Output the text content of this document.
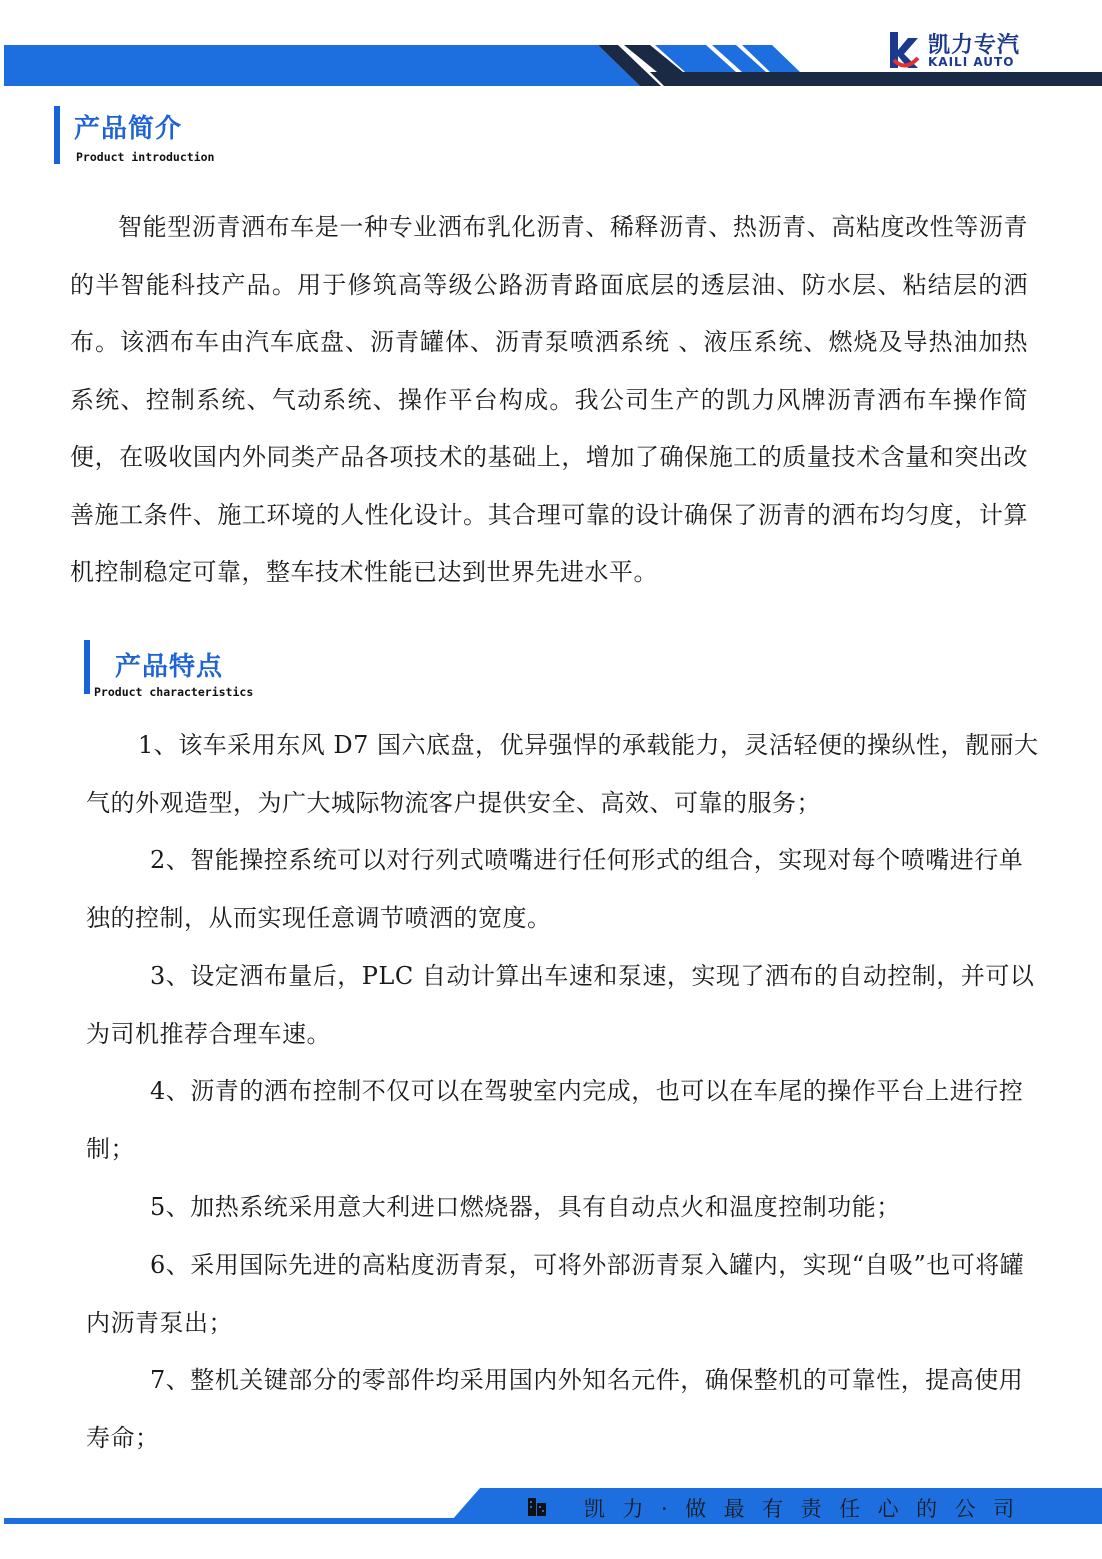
凯力专汽
KAILI AUTO
产品简介
Product introduction

智能型沥青洒布车是一种专业洒布乳化沥青、稀释沥青、热沥青、高粘度改性等沥青的半智能科技产品。用于修筑高等级公路沥青路面底层的透层油、防水层、粘结层的洒布。该洒布车由汽车底盘、沥青罐体、沥青泵喷洒系统 、液压系统、燃烧及导热油加热系统、控制系统、气动系统、操作平台构成。我公司生产的凯力风牌沥青洒布车操作简便，在吸收国内外同类产品各项技术的基础上，增加了确保施工的质量技术含量和突出改善施工条件、施工环境的人性化设计。其合理可靠的设计确保了沥青的洒布均匀度，计算机控制稳定可靠，整车技术性能已达到世界先进水平。

产品特点
Product characteristics

1、该车采用东风 D7 国六底盘，优异强悍的承载能力，灵活轻便的操纵性，靓丽大气的外观造型，为广大城际物流客户提供安全、高效、可靠的服务；

2、智能操控系统可以对行列式喷嘴进行任何形式的组合，实现对每个喷嘴进行单独的控制，从而实现任意调节喷洒的宽度。

3、设定洒布量后，PLC 自动计算出车速和泵速，实现了洒布的自动控制，并可以为司机推荐合理车速。

4、沥青的洒布控制不仅可以在驾驶室内完成，也可以在车尾的操作平台上进行控制；

5、加热系统采用意大利进口燃烧器，具有自动点火和温度控制功能；

6、采用国际先进的高粘度沥青泵，可将外部沥青泵入罐内，实现“自吸”也可将罐内沥青泵出；

7、整机关键部分的零部件均采用国内外知名元件，确保整机的可靠性，提高使用寿命；

凯力·做最有责任心的公司
